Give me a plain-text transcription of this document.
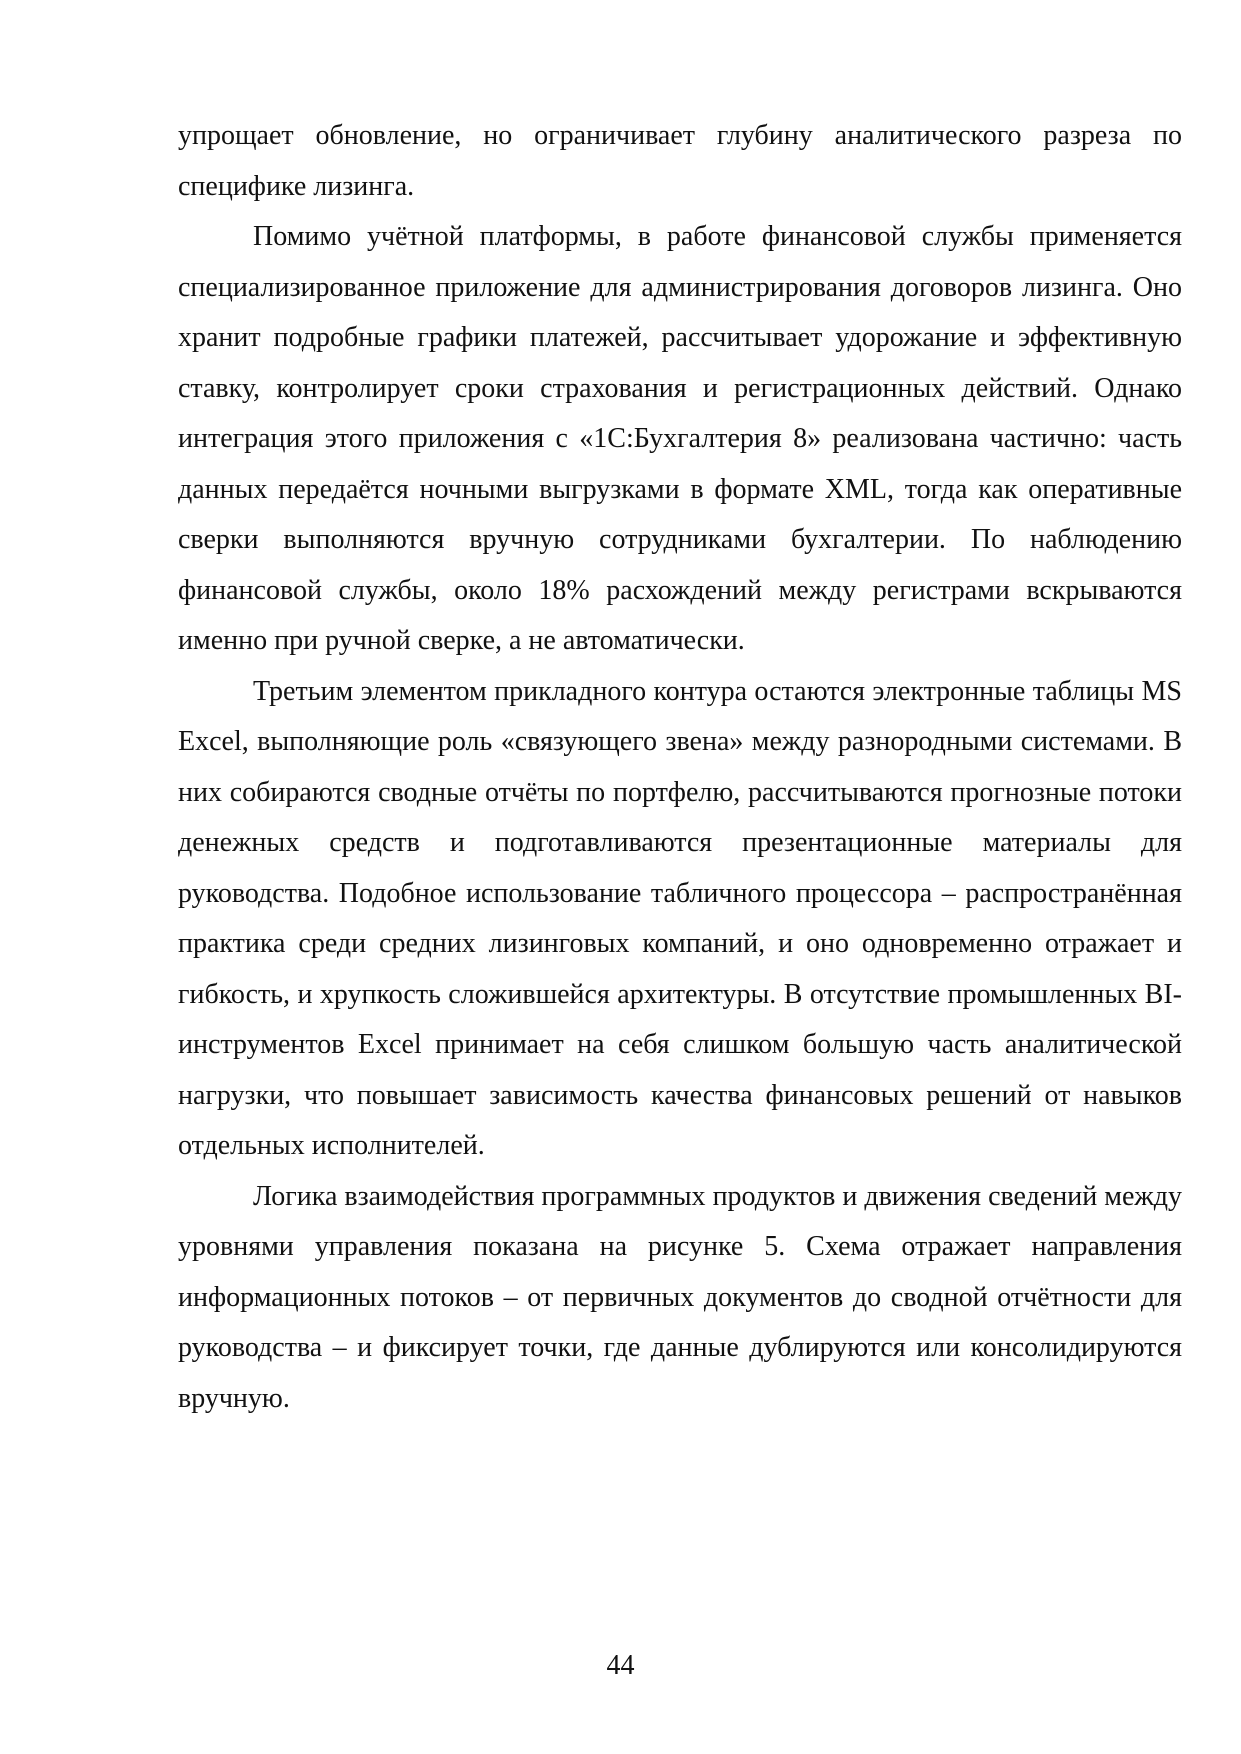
упрощает обновление, но ограничивает глубину аналитического разреза по специфике лизинга.

Помимо учётной платформы, в работе финансовой службы применяется специализированное приложение для администрирования договоров лизинга. Оно хранит подробные графики платежей, рассчитывает удорожание и эффективную ставку, контролирует сроки страхования и регистрационных действий. Однако интеграция этого приложения с «1С:Бухгалтерия 8» реализована частично: часть данных передаётся ночными выгрузками в формате XML, тогда как оперативные сверки выполняются вручную сотрудниками бухгалтерии. По наблюдению финансовой службы, около 18% расхождений между регистрами вскрываются именно при ручной сверке, а не автоматически.

Третьим элементом прикладного контура остаются электронные таблицы MS Excel, выполняющие роль «связующего звена» между разнородными системами. В них собираются сводные отчёты по портфелю, рассчитываются прогнозные потоки денежных средств и подготавливаются презентационные материалы для руководства. Подобное использование табличного процессора – распространённая практика среди средних лизинговых компаний, и оно одновременно отражает и гибкость, и хрупкость сложившейся архитектуры. В отсутствие промышленных BI-инструментов Excel принимает на себя слишком большую часть аналитической нагрузки, что повышает зависимость качества финансовых решений от навыков отдельных исполнителей.

Логика взаимодействия программных продуктов и движения сведений между уровнями управления показана на рисунке 5. Схема отражает направления информационных потоков – от первичных документов до сводной отчётности для руководства – и фиксирует точки, где данные дублируются или консолидируются вручную.

44
